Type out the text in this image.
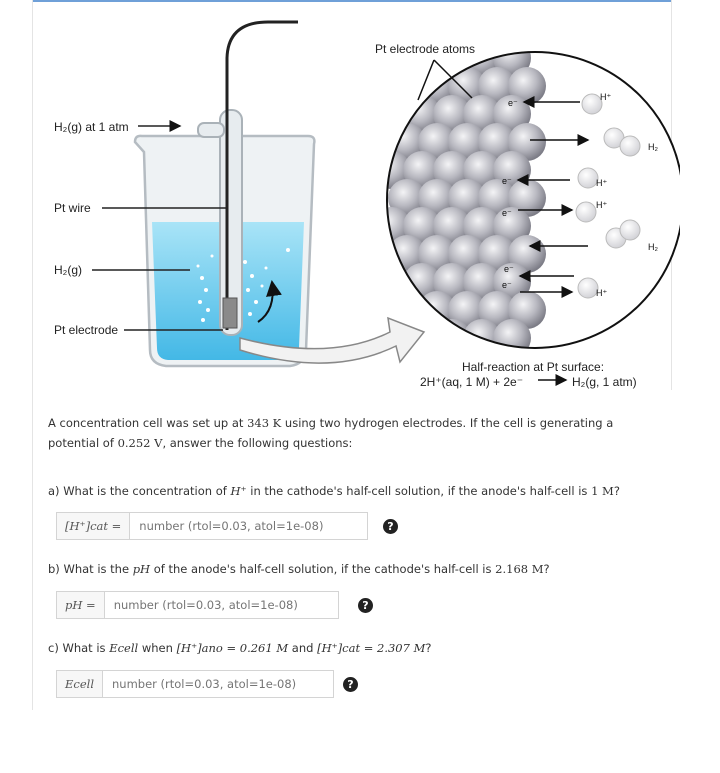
e⁻
H⁺
H₂
e⁻	H⁺
e⁻
H⁺
H₂
e⁻
e⁻
H⁺
H₂(g) at 1 atm
Pt wire
H₂(g)
Pt electrode
Pt electrode atoms
Half-reaction at Pt surface:
2H⁺(aq, 1 M) + 2e⁻	H₂(g, 1 atm)
A concentration cell was set up at 343 K using two hydrogen electrodes. If the cell is generating a potential of 0.252 V, answer the following questions:
a) What is the concentration of H⁺ in the cathode's half-cell solution, if the anode's half-cell is 1 M?
[H⁺]cat =
number (rtol=0.03, atol=1e-08)	?
b) What is the pH of the anode's half-cell solution, if the cathode's half-cell is 2.168 M?
pH =
number (rtol=0.03, atol=1e-08)	?
c) What is Ecell when [H⁺]ano = 0.261 M and [H⁺]cat = 2.307 M?
Ecell
number (rtol=0.03, atol=1e-08)	?
